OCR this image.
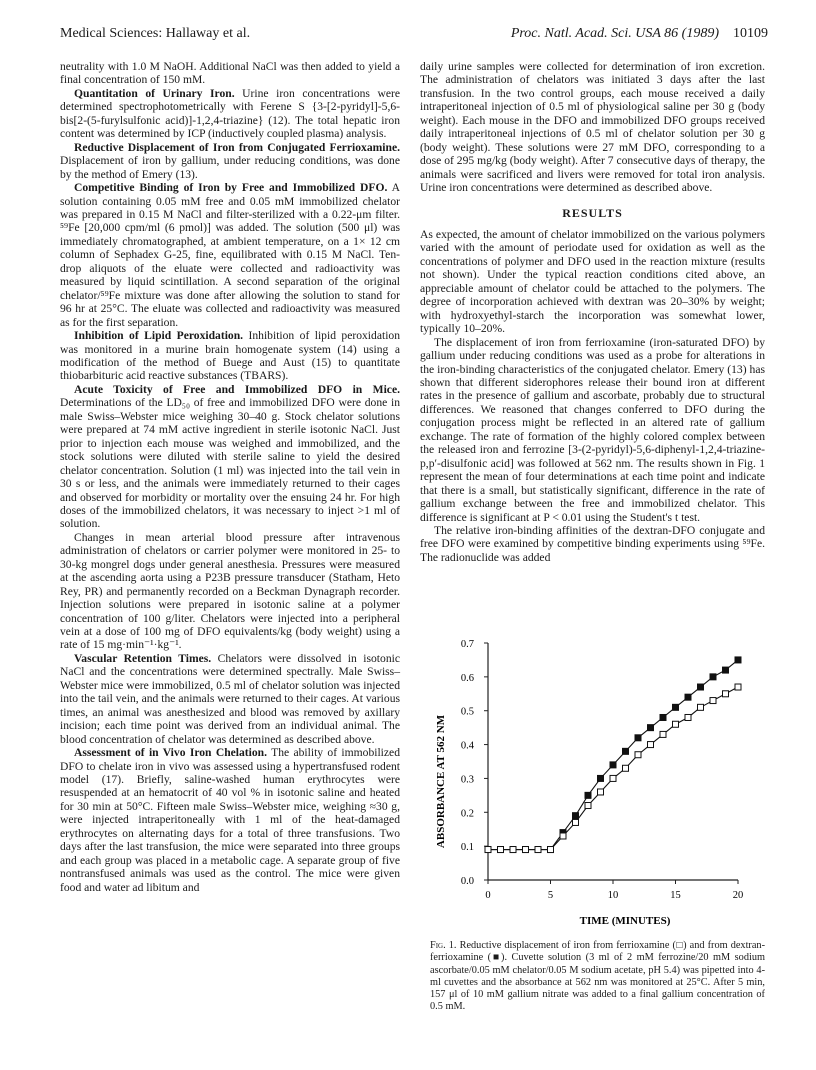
Medical Sciences: Hallaway et al.	Proc. Natl. Acad. Sci. USA 86 (1989) 10109

neutrality with 1.0 M NaOH. Additional NaCl was then added to yield a final concentration of 150 mM.

Quantitation of Urinary Iron. Urine iron concentrations were determined spectrophotometrically with Ferene S {3-[2-pyridyl]-5,6-bis[2-(5-furylsulfonic acid)]-1,2,4-triazine} (12). The total hepatic iron content was determined by ICP (inductively coupled plasma) analysis.

Reductive Displacement of Iron from Conjugated Ferrioxamine. Displacement of iron by gallium, under reducing conditions, was done by the method of Emery (13).

Competitive Binding of Iron by Free and Immobilized DFO. A solution containing 0.05 mM free and 0.05 mM immobilized chelator was prepared in 0.15 M NaCl and filter-sterilized with a 0.22-μm filter. ⁵⁹Fe [20,000 cpm/ml (6 pmol)] was added. The solution (500 μl) was immediately chromatographed, at ambient temperature, on a 1× 12 cm column of Sephadex G-25, fine, equilibrated with 0.15 M NaCl. Ten-drop aliquots of the eluate were collected and radioactivity was measured by liquid scintillation. A second separation of the original chelator/⁵⁹Fe mixture was done after allowing the solution to stand for 96 hr at 25°C. The eluate was collected and radioactivity was measured as for the first separation.

Inhibition of Lipid Peroxidation. Inhibition of lipid peroxidation was monitored in a murine brain homogenate system (14) using a modification of the method of Buege and Aust (15) to quantitate thiobarbituric acid reactive substances (TBARS).

Acute Toxicity of Free and Immobilized DFO in Mice. Determinations of the LD₅₀ of free and immobilized DFO were done in male Swiss–Webster mice weighing 30–40 g. Stock chelator solutions were prepared at 74 mM active ingredient in sterile isotonic NaCl. Just prior to injection each mouse was weighed and immobilized, and the stock solutions were diluted with sterile saline to yield the desired chelator concentration. Solution (1 ml) was injected into the tail vein in 30 s or less, and the animals were immediately returned to their cages and observed for morbidity or mortality over the ensuing 24 hr. For high doses of the immobilized chelators, it was necessary to inject >1 ml of solution.

Changes in mean arterial blood pressure after intravenous administration of chelators or carrier polymer were monitored in 25- to 30-kg mongrel dogs under general anesthesia. Pressures were measured at the ascending aorta using a P23B pressure transducer (Statham, Heto Rey, PR) and permanently recorded on a Beckman Dynagraph recorder. Injection solutions were prepared in isotonic saline at a polymer concentration of 100 g/liter. Chelators were injected into a peripheral vein at a dose of 100 mg of DFO equivalents/kg (body weight) using a rate of 15 mg·min⁻¹·kg⁻¹.

Vascular Retention Times. Chelators were dissolved in isotonic NaCl and the concentrations were determined spectrally. Male Swiss–Webster mice were immobilized, 0.5 ml of chelator solution was injected into the tail vein, and the animals were returned to their cages. At various times, an animal was anesthesized and blood was removed by axillary incision; each time point was derived from an individual animal. The blood concentration of chelator was determined as described above.

Assessment of in Vivo Iron Chelation. The ability of immobilized DFO to chelate iron in vivo was assessed using a hypertransfused rodent model (17). Briefly, saline-washed human erythrocytes were resuspended at an hematocrit of 40 vol % in isotonic saline and heated for 30 min at 50°C. Fifteen male Swiss–Webster mice, weighing ≈30 g, were injected intraperitoneally with 1 ml of the heat-damaged erythrocytes on alternating days for a total of three transfusions. Two days after the last transfusion, the mice were separated into three groups and each group was placed in a metabolic cage. A separate group of five nontransfused animals was used as the control. The mice were given food and water ad libitum and

daily urine samples were collected for determination of iron excretion. The administration of chelators was initiated 3 days after the last transfusion. In the two control groups, each mouse received a daily intraperitoneal injection of 0.5 ml of physiological saline per 30 g (body weight). Each mouse in the DFO and immobilized DFO groups received daily intraperitoneal injections of 0.5 ml of chelator solution per 30 g (body weight). These solutions were 27 mM DFO, corresponding to a dose of 295 mg/kg (body weight). After 7 consecutive days of therapy, the animals were sacrificed and livers were removed for total iron analysis. Urine iron concentrations were determined as described above.

RESULTS

As expected, the amount of chelator immobilized on the various polymers varied with the amount of periodate used for oxidation as well as the concentrations of polymer and DFO used in the reaction mixture (results not shown). Under the typical reaction conditions cited above, an appreciable amount of chelator could be attached to the polymers. The degree of incorporation achieved with dextran was 20–30% by weight; with hydroxyethyl-starch the incorporation was somewhat lower, typically 10–20%.

The displacement of iron from ferrioxamine (iron-saturated DFO) by gallium under reducing conditions was used as a probe for alterations in the iron-binding characteristics of the conjugated chelator. Emery (13) has shown that different siderophores release their bound iron at different rates in the presence of gallium and ascorbate, probably due to structural differences. We reasoned that changes conferred to DFO during the conjugation process might be reflected in an altered rate of gallium exchange. The rate of formation of the highly colored complex between the released iron and ferrozine [3-(2-pyridyl)-5,6-diphenyl-1,2,4-triazine-p,p′-disulfonic acid] was followed at 562 nm. The results shown in Fig. 1 represent the mean of four determinations at each time point and indicate that there is a small, but statistically significant, difference in the rate of gallium exchange between the free and immobilized chelator. This difference is significant at P < 0.01 using the Student's t test.

The relative iron-binding affinities of the dextran-DFO conjugate and free DFO were examined by competitive binding experiments using ⁵⁹Fe. The radionuclide was added

0.0
0.1
0.2
0.3
0.4
0.5
0.6
0.7
0	5	10	15	20
TIME (MINUTES)
ABSORBANCE AT 562 NM
Fig. 1. Reductive displacement of iron from ferrioxamine (□) and from dextran-ferrioxamine (■). Cuvette solution (3 ml of 2 mM ferrozine/20 mM sodium ascorbate/0.05 mM chelator/0.05 M sodium acetate, pH 5.4) was pipetted into 4-ml cuvettes and the absorbance at 562 nm was monitored at 25°C. After 5 min, 157 μl of 10 mM gallium nitrate was added to a final gallium concentration of 0.5 mM.
